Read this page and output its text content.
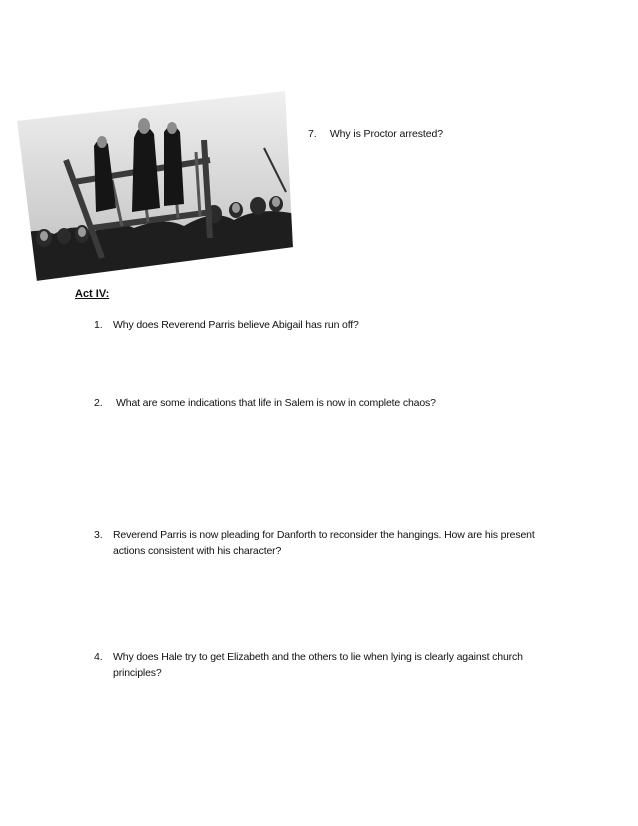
7. Why is Proctor arrested?
Act IV:
1.	Why does Reverend Parris believe Abigail has run off?
2.	What are some indications that life in Salem is now in complete chaos?
3.	Reverend Parris is now pleading for Danforth to reconsider the hangings. How are his present actions consistent with his character?
4.	Why does Hale try to get Elizabeth and the others to lie when lying is clearly against church principles?
